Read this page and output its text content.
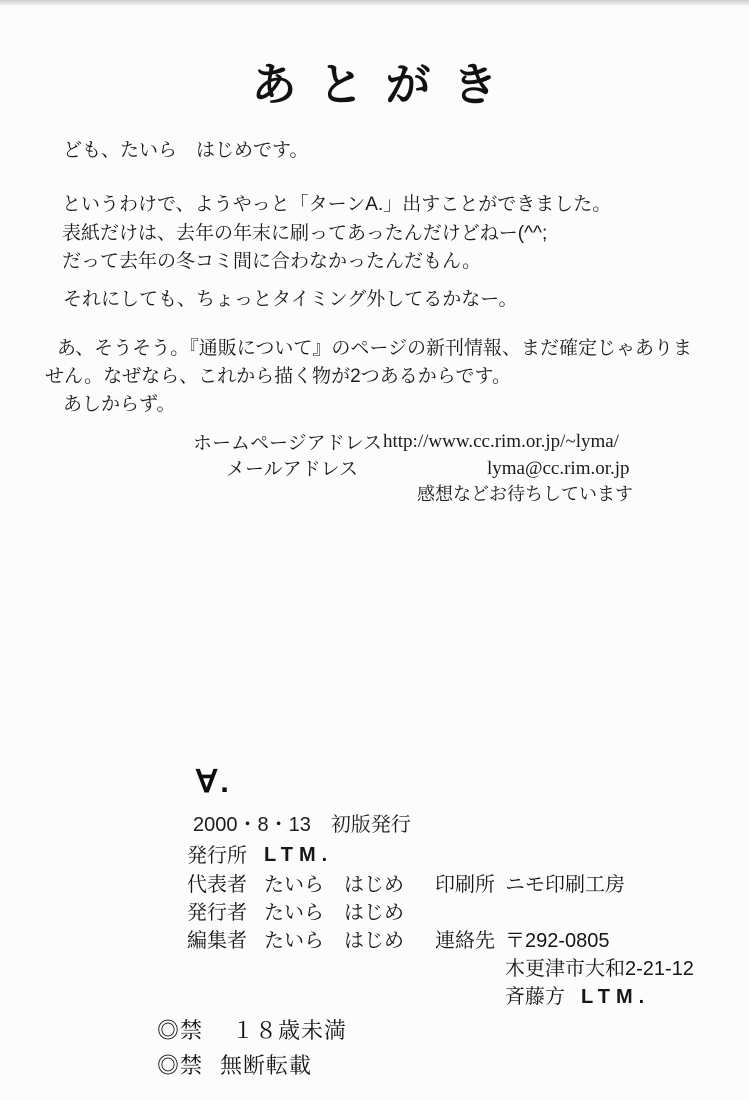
あとがき
ども、たいら　はじめです。
というわけで、ようやっと「ターンA.」出すことができました。
表紙だけは、去年の年末に刷ってあったんだけどねー(^^;
だって去年の冬コミ間に合わなかったんだもん。
それにしても、ちょっとタイミング外してるかなー。
あ、そうそう。『通販について』のページの新刊情報、まだ確定じゃありま
せん。なぜなら、これから描く物が2つあるからです。
あしからず。
ホームページアドレス http://www.cc.rim.or.jp/~lyma/
メールアドレス	lyma@cc.rim.or.jp
感想などお待ちしています
∀.
2000・8・13　初版発行
発行所 LTM.
代表者 たいら　はじめ 印刷所 ニモ印刷工房
発行者 たいら　はじめ
編集者 たいら　はじめ 連絡先 〒292-0805
木更津市大和2-21-12
斉藤方 LTM.
◎禁 １８歳未満
◎禁 無断転載
